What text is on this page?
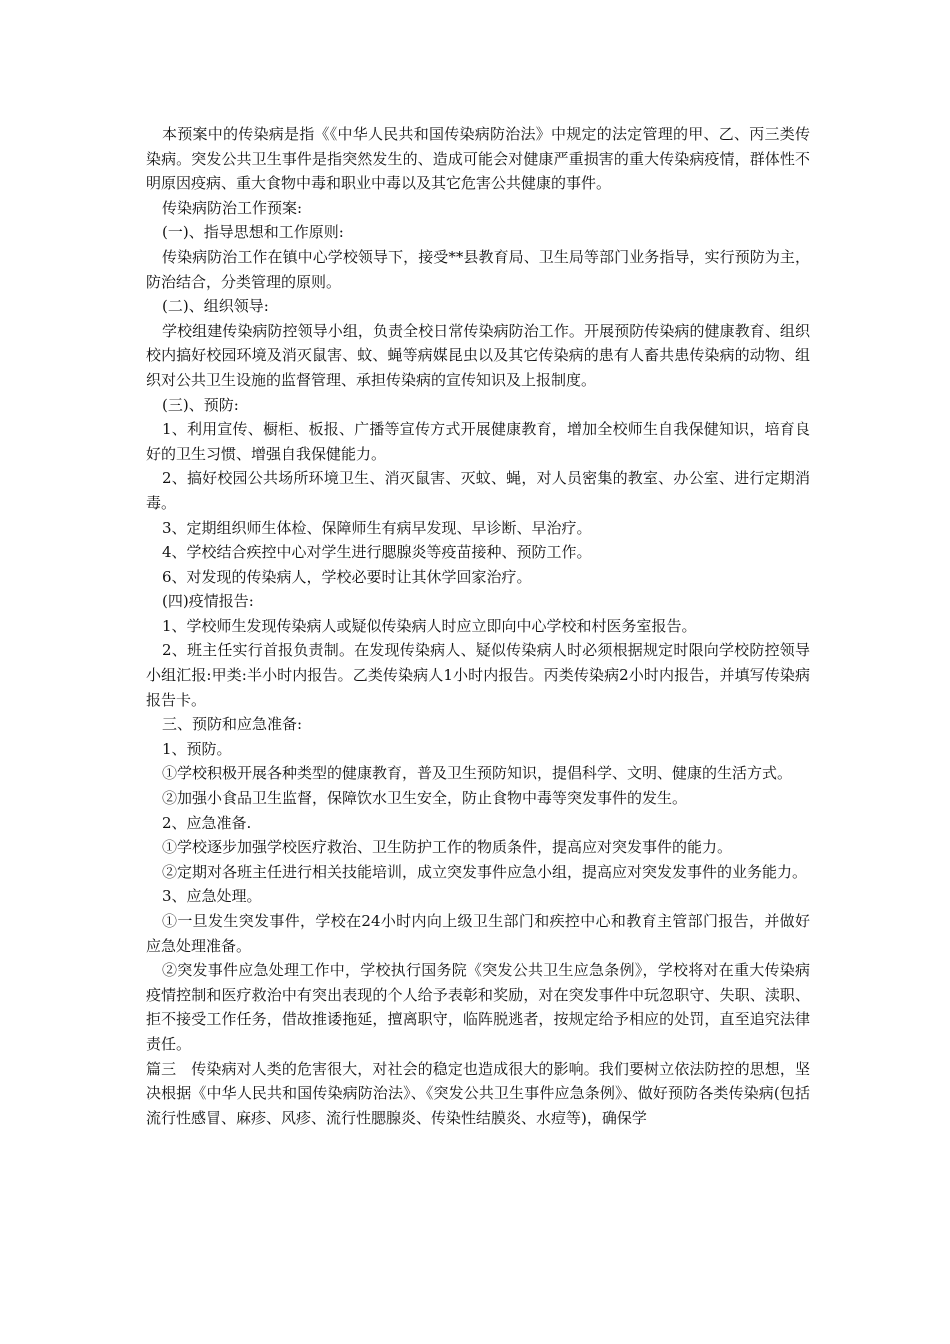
本预案中的传染病是指《《中华人民共和国传染病防治法》中规定的法定管理的甲、乙、丙三类传染病。突发公共卫生事件是指突然发生的、造成可能会对健康严重损害的重大传染病疫情，群体性不明原因疫病、重大食物中毒和职业中毒以及其它危害公共健康的事件。

传染病防治工作预案:

(一)、指导思想和工作原则:

传染病防治工作在镇中心学校领导下，接受**县教育局、卫生局等部门业务指导，实行预防为主，防治结合，分类管理的原则。

(二)、组织领导:

学校组建传染病防控领导小组，负责全校日常传染病防治工作。开展预防传染病的健康教育、组织校内搞好校园环境及消灭鼠害、蚊、蝇等病媒昆虫以及其它传染病的患有人畜共患传染病的动物、组织对公共卫生设施的监督管理、承担传染病的宣传知识及上报制度。

(三)、预防:

1、利用宣传、橱柜、板报、广播等宣传方式开展健康教育，增加全校师生自我保健知识，培育良好的卫生习惯、增强自我保健能力。

2、搞好校园公共场所环境卫生、消灭鼠害、灭蚊、蝇，对人员密集的教室、办公室、进行定期消毒。

3、定期组织师生体检、保障师生有病早发现、早诊断、早治疗。

4、学校结合疾控中心对学生进行腮腺炎等疫苗接种、预防工作。

6、对发现的传染病人，学校必要时让其休学回家治疗。

(四)疫情报告:

1、学校师生发现传染病人或疑似传染病人时应立即向中心学校和村医务室报告。

2、班主任实行首报负责制。在发现传染病人、疑似传染病人时必须根据规定时限向学校防控领导小组汇报:甲类:半小时内报告。乙类传染病人1小时内报告。丙类传染病2小时内报告，并填写传染病报告卡。

三、预防和应急准备:

1、预防。

①学校积极开展各种类型的健康教育，普及卫生预防知识，提倡科学、文明、健康的生活方式。

②加强小食品卫生监督，保障饮水卫生安全，防止食物中毒等突发事件的发生。

2、应急准备.

①学校逐步加强学校医疗救治、卫生防护工作的物质条件，提高应对突发事件的能力。

②定期对各班主任进行相关技能培训，成立突发事件应急小组，提高应对突发发事件的业务能力。

3、应急处理。

①一旦发生突发事件，学校在24小时内向上级卫生部门和疾控中心和教育主管部门报告，并做好应急处理准备。

②突发事件应急处理工作中，学校执行国务院《突发公共卫生应急条例》，学校将对在重大传染病疫情控制和医疗救治中有突出表现的个人给予表彰和奖励，对在突发事件中玩忽职守、失职、渎职、拒不接受工作任务，借故推诿拖延，擅离职守，临阵脱逃者，按规定给予相应的处罚，直至追究法律责任。

篇三　传染病对人类的危害很大，对社会的稳定也造成很大的影响。我们要树立依法防控的思想，坚决根据《中华人民共和国传染病防治法》、《突发公共卫生事件应急条例》、做好预防各类传染病(包括流行性感冒、麻疹、风疹、流行性腮腺炎、传染性结膜炎、水痘等)，确保学
